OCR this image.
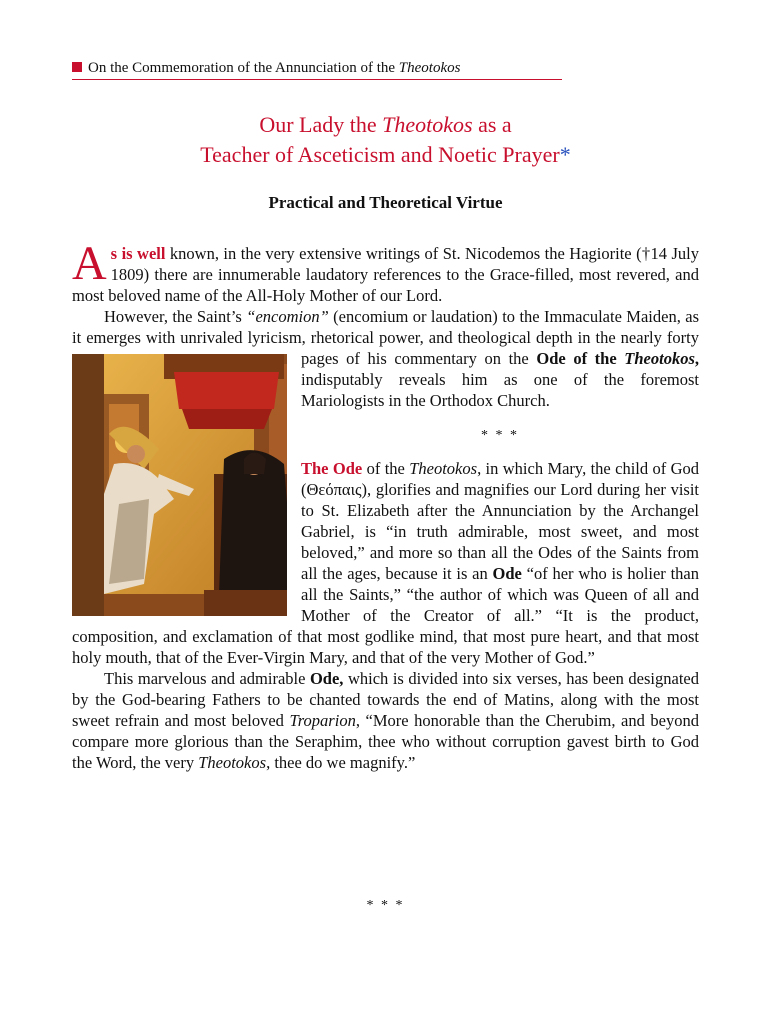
On the Commemoration of the Annunciation of the Theotokos
Our Lady the Theotokos as a
Teacher of Asceticism and Noetic Prayer*
Practical and Theoretical Virtue

As is well known, in the very extensive writings of St. Nicodemos the Hagiorite (†14 July 1809) there are innumerable laudatory references to the Grace-filled, most revered, and most beloved name of the All-Holy Mother of our Lord.

However, the Saint’s “encomion” (encomium or laudation) to the Immaculate Maiden, as it emerges with unrivaled lyricism, rhetorical power, and theological depth in the nearly forty pages of his commentary on the Ode of the Theotokos,
indisputably reveals him as one of the foremost Mariologists in the Orthodox Church.

* * *

The Ode of the Theotokos, in which Mary, the child of God (Θεόπαις), glorifies and magnifies our Lord during her visit to St. Elizabeth after the Annunciation by the Archangel Gabriel, is “in truth admirable, most sweet, and most beloved,” and more so than all the Odes of the Saints from all the ages, because it is an Ode “of her who is holier than all the Saints,” “the author of which was Queen of all and Mother of the Creator of all.” “It is the product, composition, and exclamation of that most godlike mind, that most pure heart, and that most holy mouth, that of the Ever-Virgin Mary, and that of the very Mother of God.”

This marvelous and admirable Ode, which is divided into six verses, has been designated by the God-bearing Fathers to be chanted towards the end of Matins, along with the most sweet refrain and most beloved Troparion, “More honorable than the Cherubim, and beyond compare more glorious than the Seraphim, thee who without corruption gavest birth to God the Word, the very Theotokos, thee do we magnify.”

* * *
